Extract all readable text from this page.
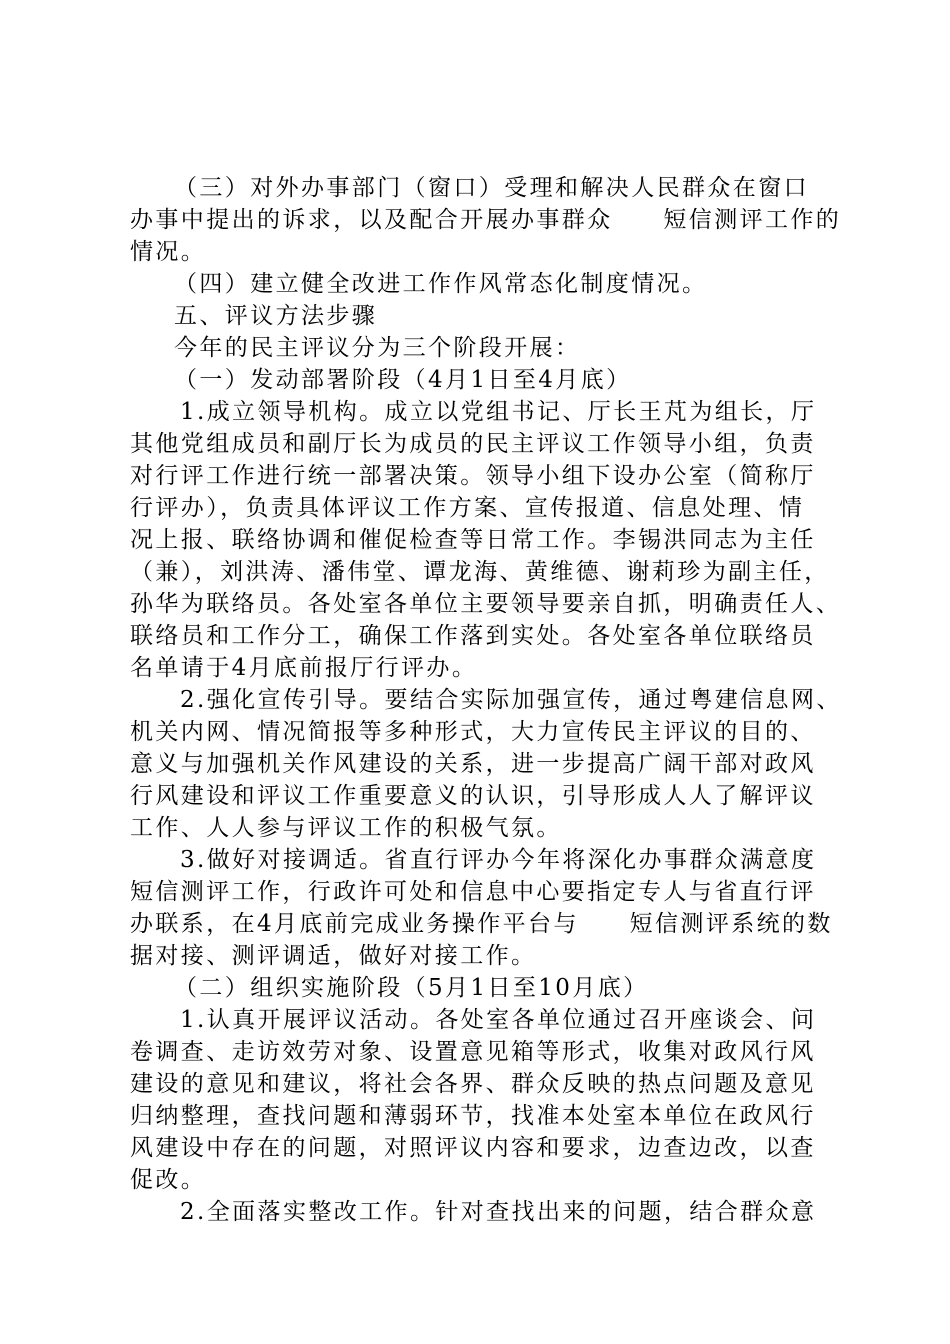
（三）对外办事部门（窗口）受理和解决人民群众在窗口
办事中提出的诉求，以及配合开展办事群众　　短信测评工作的
情况。
（四）建立健全改进工作作风常态化制度情况。
五、评议方法步骤
今年的民主评议分为三个阶段开展：
（一）发动部署阶段（4月1日至4月底）
1.成立领导机构。成立以党组书记、厅长王芃为组长，厅
其他党组成员和副厅长为成员的民主评议工作领导小组，负责
对行评工作进行统一部署决策。领导小组下设办公室（简称厅
行评办），负责具体评议工作方案、宣传报道、信息处理、情
况上报、联络协调和催促检查等日常工作。李锡洪同志为主任
（兼），刘洪涛、潘伟堂、谭龙海、黄维德、谢莉珍为副主任，
孙华为联络员。各处室各单位主要领导要亲自抓，明确责任人、
联络员和工作分工，确保工作落到实处。各处室各单位联络员
名单请于4月底前报厅行评办。
2.强化宣传引导。要结合实际加强宣传，通过粤建信息网、
机关内网、情况简报等多种形式，大力宣传民主评议的目的、
意义与加强机关作风建设的关系，进一步提高广阔干部对政风
行风建设和评议工作重要意义的认识，引导形成人人了解评议
工作、人人参与评议工作的积极气氛。
3.做好对接调适。省直行评办今年将深化办事群众满意度
短信测评工作，行政许可处和信息中心要指定专人与省直行评
办联系，在4月底前完成业务操作平台与　　短信测评系统的数
据对接、测评调适，做好对接工作。
（二）组织实施阶段（5月1日至10月底）
1.认真开展评议活动。各处室各单位通过召开座谈会、问
卷调查、走访效劳对象、设置意见箱等形式，收集对政风行风
建设的意见和建议，将社会各界、群众反映的热点问题及意见
归纳整理，查找问题和薄弱环节，找准本处室本单位在政风行
风建设中存在的问题，对照评议内容和要求，边查边改，以查
促改。
2.全面落实整改工作。针对查找出来的问题，结合群众意
